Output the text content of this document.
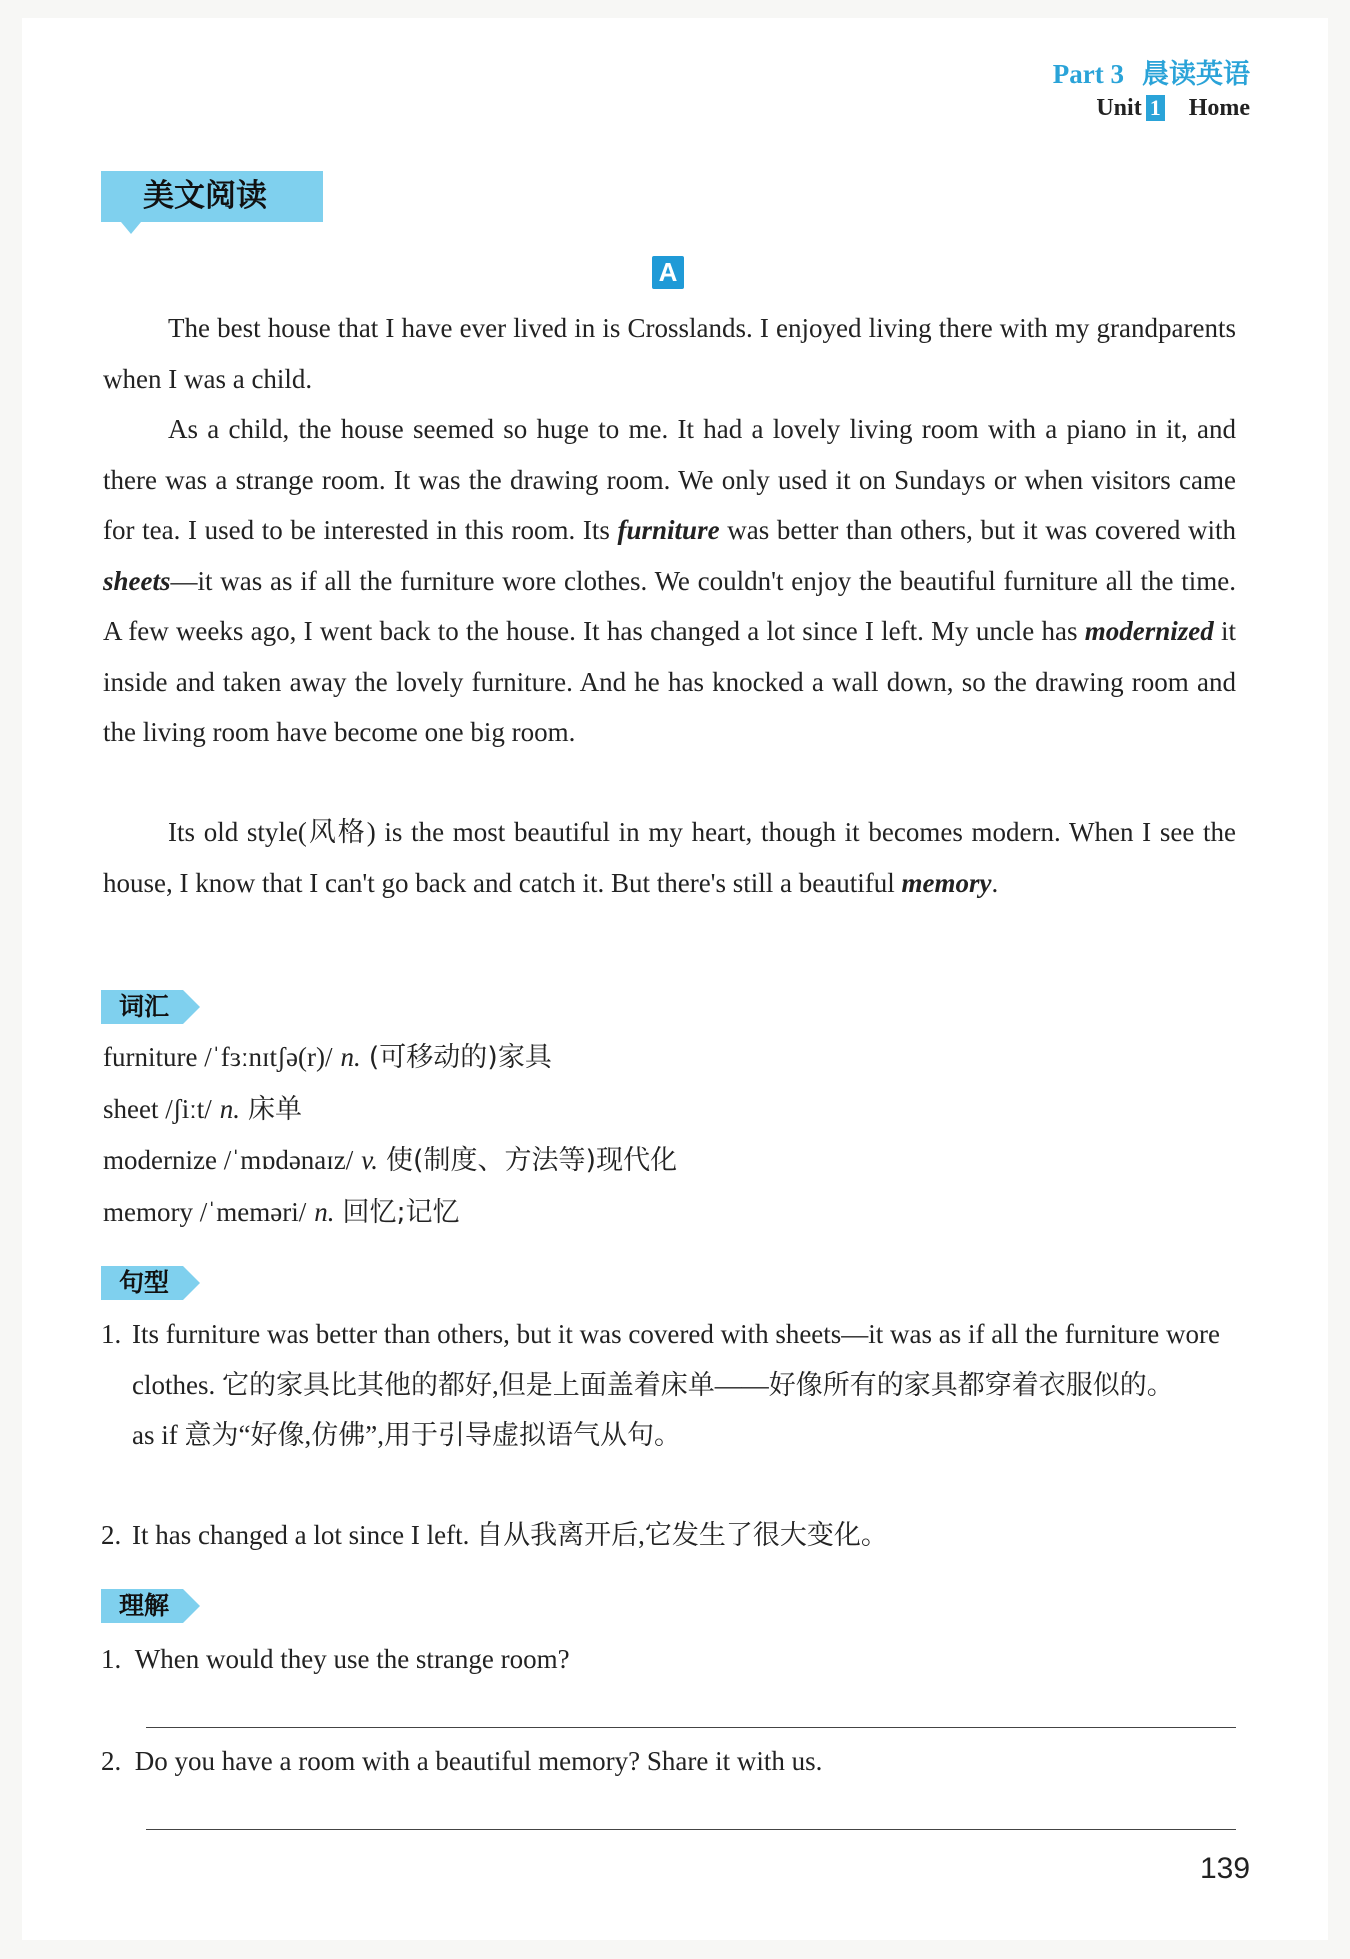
Part 3 晨读英语
Unit 1 Home
美文阅读
A

The best house that I have ever lived in is Crosslands. I enjoyed living there with my grandparents when I was a child.

As a child, the house seemed so huge to me. It had a lovely living room with a piano in it, and there was a strange room. It was the drawing room. We only used it on Sundays or when visitors came for tea. I used to be interested in this room. Its furniture was better than others, but it was covered with sheets—it was as if all the furniture wore clothes. We couldn't enjoy the beautiful furniture all the time. A few weeks ago, I went back to the house. It has changed a lot since I left. My uncle has modernized it inside and taken away the lovely furniture. And he has knocked a wall down, so the drawing room and the living room have become one big room.

Its old style(风格) is the most beautiful in my heart, though it becomes modern. When I see the house, I know that I can't go back and catch it. But there's still a beautiful memory.

词汇
furniture /ˈfɜːnɪtʃə(r)/ n. (可移动的)家具
sheet /ʃiːt/ n. 床单
modernize /ˈmɒdənaɪz/ v. 使(制度、方法等)现代化
memory /ˈmeməri/ n. 回忆;记忆
句型
1. Its furniture was better than others, but it was covered with sheets—it was as if all the furniture wore clothes. 它的家具比其他的都好,但是上面盖着床单——好像所有的家具都穿着衣服似的。
as if 意为“好像,仿佛”,用于引导虚拟语气从句。
2. It has changed a lot since I left. 自从我离开后,它发生了很大变化。
理解
1. When would they use the strange room?
2. Do you have a room with a beautiful memory? Share it with us.
139
